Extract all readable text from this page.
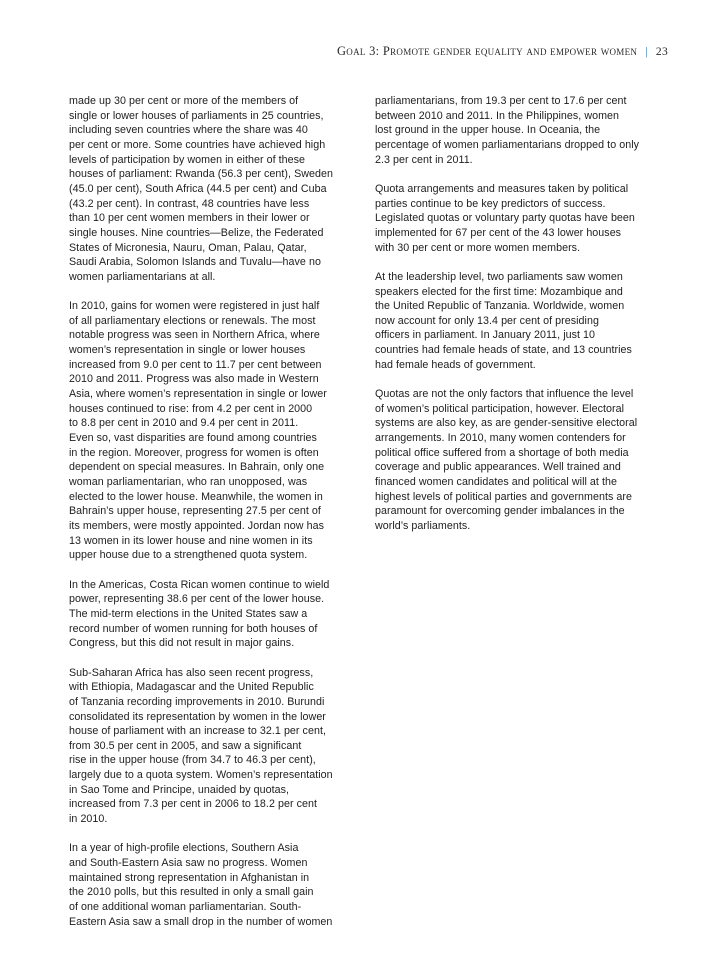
Goal 3: Promote gender equality and empower women | 23

made up 30 per cent or more of the members of
single or lower houses of parliaments in 25 countries,
including seven countries where the share was 40
per cent or more. Some countries have achieved high
levels of participation by women in either of these
houses of parliament: Rwanda (56.3 per cent), Sweden
(45.0 per cent), South Africa (44.5 per cent) and Cuba
(43.2 per cent). In contrast, 48 countries have less
than 10 per cent women members in their lower or
single houses. Nine countries—Belize, the Federated
States of Micronesia, Nauru, Oman, Palau, Qatar,
Saudi Arabia, Solomon Islands and Tuvalu—have no
women parliamentarians at all.

In 2010, gains for women were registered in just half
of all parliamentary elections or renewals. The most
notable progress was seen in Northern Africa, where
women’s representation in single or lower houses
increased from 9.0 per cent to 11.7 per cent between
2010 and 2011. Progress was also made in Western
Asia, where women’s representation in single or lower
houses continued to rise: from 4.2 per cent in 2000
to 8.8 per cent in 2010 and 9.4 per cent in 2011.
Even so, vast disparities are found among countries
in the region. Moreover, progress for women is often
dependent on special measures. In Bahrain, only one
woman parliamentarian, who ran unopposed, was
elected to the lower house. Meanwhile, the women in
Bahrain’s upper house, representing 27.5 per cent of
its members, were mostly appointed. Jordan now has
13 women in its lower house and nine women in its
upper house due to a strengthened quota system.

In the Americas, Costa Rican women continue to wield
power, representing 38.6 per cent of the lower house.
The mid-term elections in the United States saw a
record number of women running for both houses of
Congress, but this did not result in major gains.

Sub-Saharan Africa has also seen recent progress,
with Ethiopia, Madagascar and the United Republic
of Tanzania recording improvements in 2010. Burundi
consolidated its representation by women in the lower
house of parliament with an increase to 32.1 per cent,
from 30.5 per cent in 2005, and saw a significant
rise in the upper house (from 34.7 to 46.3 per cent),
largely due to a quota system. Women’s representation
in Sao Tome and Principe, unaided by quotas,
increased from 7.3 per cent in 2006 to 18.2 per cent
in 2010.

In a year of high-profile elections, Southern Asia
and South-Eastern Asia saw no progress. Women
maintained strong representation in Afghanistan in
the 2010 polls, but this resulted in only a small gain
of one additional woman parliamentarian. South-
Eastern Asia saw a small drop in the number of women

parliamentarians, from 19.3 per cent to 17.6 per cent
between 2010 and 2011. In the Philippines, women
lost ground in the upper house. In Oceania, the
percentage of women parliamentarians dropped to only
2.3 per cent in 2011.

Quota arrangements and measures taken by political
parties continue to be key predictors of success.
Legislated quotas or voluntary party quotas have been
implemented for 67 per cent of the 43 lower houses
with 30 per cent or more women members.

At the leadership level, two parliaments saw women
speakers elected for the first time: Mozambique and
the United Republic of Tanzania. Worldwide, women
now account for only 13.4 per cent of presiding
officers in parliament. In January 2011, just 10
countries had female heads of state, and 13 countries
had female heads of government.

Quotas are not the only factors that influence the level
of women’s political participation, however. Electoral
systems are also key, as are gender-sensitive electoral
arrangements. In 2010, many women contenders for
political office suffered from a shortage of both media
coverage and public appearances. Well trained and
financed women candidates and political will at the
highest levels of political parties and governments are
paramount for overcoming gender imbalances in the
world’s parliaments.
